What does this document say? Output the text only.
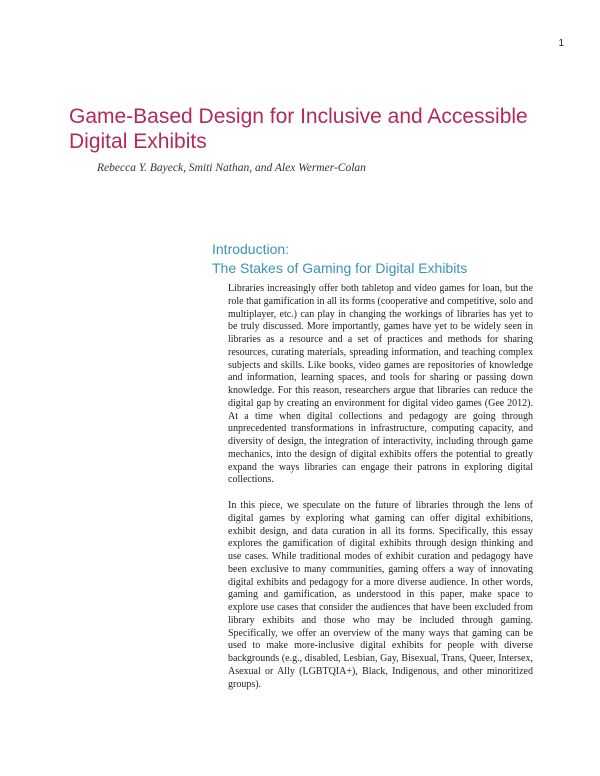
1
Game-Based Design for Inclusive and Accessible Digital Exhibits

Rebecca Y. Bayeck, Smiti Nathan, and Alex Wermer-Colan

Introduction:
The Stakes of Gaming for Digital Exhibits

Libraries increasingly offer both tabletop and video games for loan, but the role that gamification in all its forms (cooperative and competitive, solo and multiplayer, etc.) can play in changing the workings of libraries has yet to be truly discussed. More importantly, games have yet to be widely seen in libraries as a resource and a set of practices and methods for sharing resources, curating materials, spreading information, and teaching complex subjects and skills. Like books, video games are repositories of knowledge and information, learning spaces, and tools for sharing or passing down knowledge. For this reason, researchers argue that libraries can reduce the digital gap by creating an environment for digital video games (Gee 2012). At a time when digital collections and pedagogy are going through unprecedented transformations in infrastructure, computing capacity, and diversity of design, the integration of interactivity, including through game mechanics, into the design of digital exhibits offers the potential to greatly expand the ways libraries can engage their patrons in exploring digital collections.

In this piece, we speculate on the future of libraries through the lens of digital games by exploring what gaming can offer digital exhibitions, exhibit design, and data curation in all its forms. Specifically, this essay explores the gamification of digital exhibits through design thinking and use cases. While traditional modes of exhibit curation and pedagogy have been exclusive to many communities, gaming offers a way of innovating digital exhibits and pedagogy for a more diverse audience. In other words, gaming and gamification, as understood in this paper, make space to explore use cases that consider the audiences that have been excluded from library exhibits and those who may be included through gaming. Specifically, we offer an overview of the many ways that gaming can be used to make more-inclusive digital exhibits for people with diverse backgrounds (e.g., disabled, Lesbian, Gay, Bisexual, Trans, Queer, Intersex, Asexual or Ally (LGBTQIA+), Black, Indigenous, and other minoritized groups).
